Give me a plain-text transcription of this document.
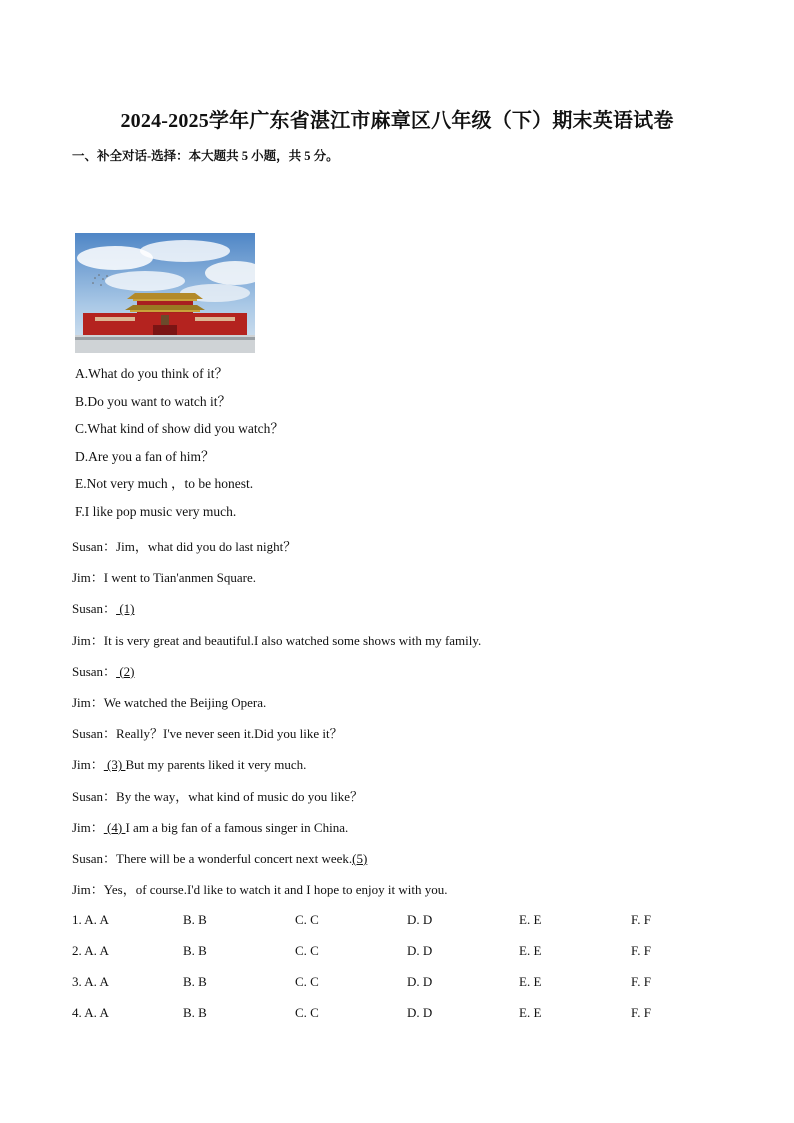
2024-2025学年广东省湛江市麻章区八年级（下）期末英语试卷
一、补全对话-选择：本大题共 5 小题，共 5 分。
A.What do you think of it？
B.Do you want to watch it？
C.What kind of show did you watch？
D.Are you a fan of him？
E.Not very much ，to be honest.
F.I like pop music very much.
Susan：Jim，what did you do last night？
Jim：I went to Tian'anmen Square.
Susan： (1)
Jim：It is very great and beautiful.I also watched some shows with my family.
Susan： (2)
Jim：We watched the Beijing Opera.
Susan：Really？I've never seen it.Did you like it？
Jim： (3) But my parents liked it very much.
Susan：By the way，what kind of music do you like？
Jim： (4) I am a big fan of a famous singer in China.
Susan：There will be a wonderful concert next week.(5)
Jim：Yes，of course.I'd like to watch it and I hope to enjoy it with you.
1. A. A	B. B	C. C	D. D	E. E	F. F
2. A. A	B. B	C. C	D. D	E. E	F. F
3. A. A	B. B	C. C	D. D	E. E	F. F
4. A. A	B. B	C. C	D. D	E. E	F. F
